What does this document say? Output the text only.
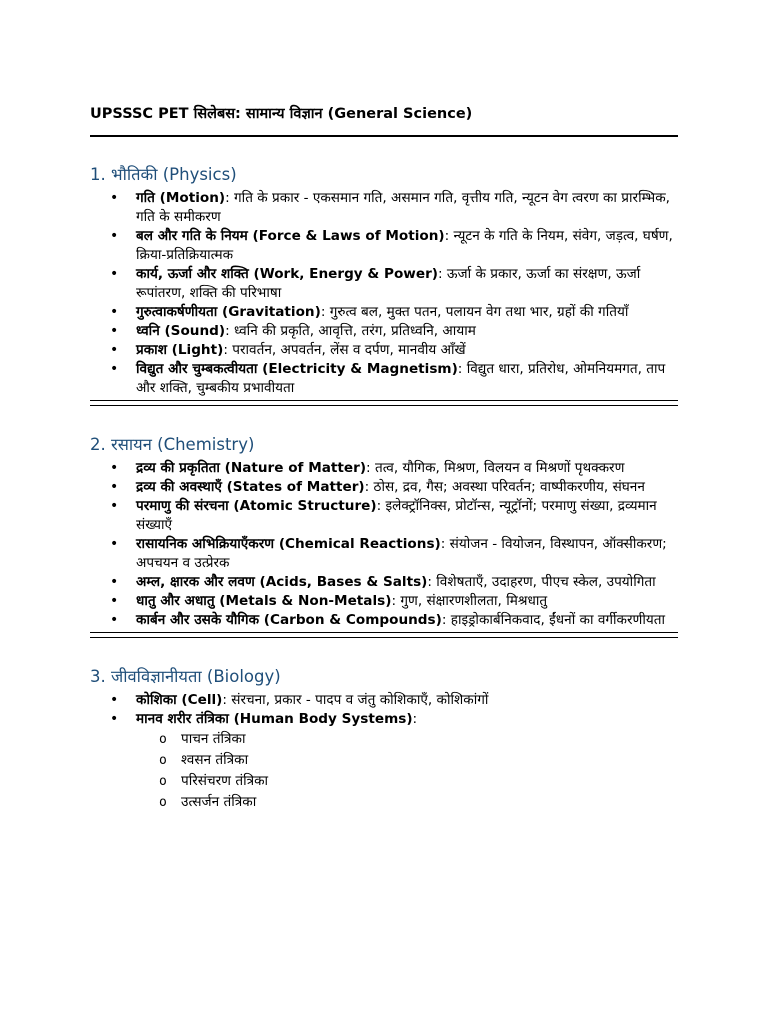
UPSSSC PET सिलेबस: सामान्य विज्ञान (General Science)

1. भौतिकी (Physics)
• गति (Motion): गति के प्रकार - एकसमान गति, असमान गति, वृत्तीय गति, न्यूटन वेग त्वरण का प्रारम्भिक, गति के समीकरण
• बल और गति के नियम (Force & Laws of Motion): न्यूटन के गति के नियम, संवेग, जड़त्व, घर्षण, क्रिया-प्रतिक्रियात्मक
• कार्य, ऊर्जा और शक्ति (Work, Energy & Power): ऊर्जा के प्रकार, ऊर्जा का संरक्षण, ऊर्जा रूपांतरण, शक्ति की परिभाषा
• गुरुत्वाकर्षणीयता (Gravitation): गुरुत्व बल, मुक्त पतन, पलायन वेग तथा भार, ग्रहों की गतियाँ
• ध्वनि (Sound): ध्वनि की प्रकृति, आवृत्ति, तरंग, प्रतिध्वनि, आयाम
• प्रकाश (Light): परावर्तन, अपवर्तन, लेंस व दर्पण, मानवीय आँखें
• विद्युत और चुम्बकत्वीयता (Electricity & Magnetism): विद्युत धारा, प्रतिरोध, ओमनियमगत, ताप और शक्ति, चुम्बकीय प्रभावीयता
2. रसायन (Chemistry)
• द्रव्य की प्रकृतिता (Nature of Matter): तत्व, यौगिक, मिश्रण, विलयन व मिश्रणों पृथक्करण
• द्रव्य की अवस्थाएँ (States of Matter): ठोस, द्रव, गैस; अवस्था परिवर्तन; वाष्पीकरणीय, संघनन
• परमाणु की संरचना (Atomic Structure): इलेक्ट्रॉनिक्स, प्रोटॉन्स, न्यूट्रॉनों; परमाणु संख्या, द्रव्यमान संख्याएँ
• रासायनिक अभिक्रियाएँकरण (Chemical Reactions): संयोजन - वियोजन, विस्थापन, ऑक्सीकरण; अपचयन व उत्प्रेरक
• अम्ल, क्षारक और लवण (Acids, Bases & Salts): विशेषताएँ, उदाहरण, पीएच स्केल, उपयोगिता
• धातु और अधातु (Metals & Non-Metals): गुण, संक्षारणशीलता, मिश्रधातु
• कार्बन और उसके यौगिक (Carbon & Compounds): हाइड्रोकार्बनिकवाद, ईंधनों का वर्गीकरणीयता
3. जीवविज्ञानीयता (Biology)
• कोशिका (Cell): संरचना, प्रकार - पादप व जंतु कोशिकाएँ, कोशिकांगों
• मानव शरीर तंत्रिका (Human Body Systems):
o पाचन तंत्रिका
o श्वसन तंत्रिका
o परिसंचरण तंत्रिका
o उत्सर्जन तंत्रिका
